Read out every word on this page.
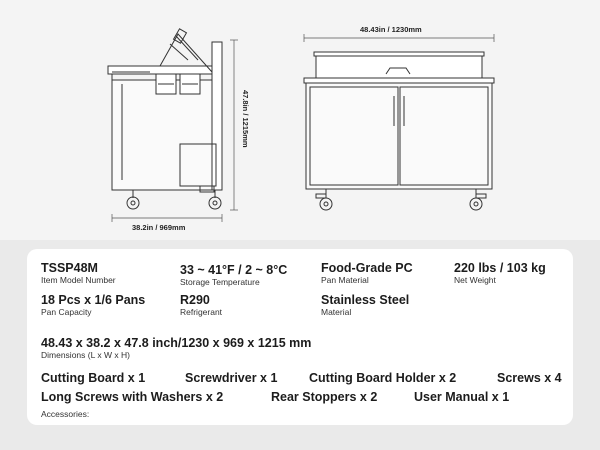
48.43in / 1230mm
38.2in / 969mm
47.8in / 1215mm
TSSP48M
Item Model Number
33 ~ 41°F / 2 ~ 8°C
Storage Temperature
Food-Grade PC
Pan Material
220 lbs / 103 kg
Net Weight
18 Pcs x 1/6 Pans
Pan Capacity
R290
Refrigerant
Stainless Steel
Material
48.43 x 38.2 x 47.8 inch/1230 x 969 x 1215 mm
Dimensions (L x W x H)
Cutting Board x 1	Screwdriver x 1	Cutting Board Holder x 2	Screws x 4
Long Screws with Washers x 2	Rear Stoppers x 2	User Manual x 1
Accessories:
